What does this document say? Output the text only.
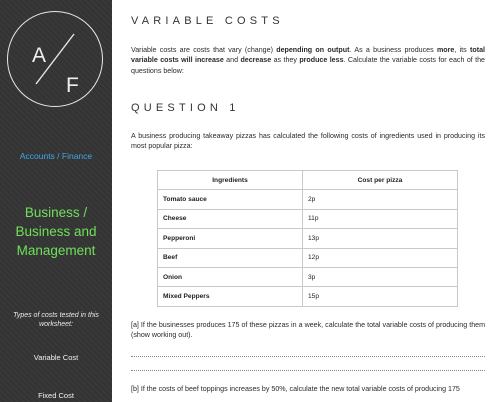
A
F
Accounts / Finance
Business /
Business and
Management
Types of costs tested in this
worksheet:
Variable Cost
Fixed Cost
VARIABLE COSTS
Variable costs are costs that vary (change) depending on output. As a business produces more, its total variable costs will increase and decrease as they produce less. Calculate the variable costs for each of the questions below:
QUESTION 1
A business producing takeaway pizzas has calculated the following costs of ingredients used in producing its most popular pizza:
Ingredients	Cost per pizza
Tomato sauce	2p
Cheese	11p
Pepperoni	13p
Beef	12p
Onion	3p
Mixed Peppers	15p
[a] If the businesses produces 175 of these pizzas in a week, calculate the total variable costs of producing them (show working out).
[b] If the costs of beef toppings increases by 50%, calculate the new total variable costs of producing 175
